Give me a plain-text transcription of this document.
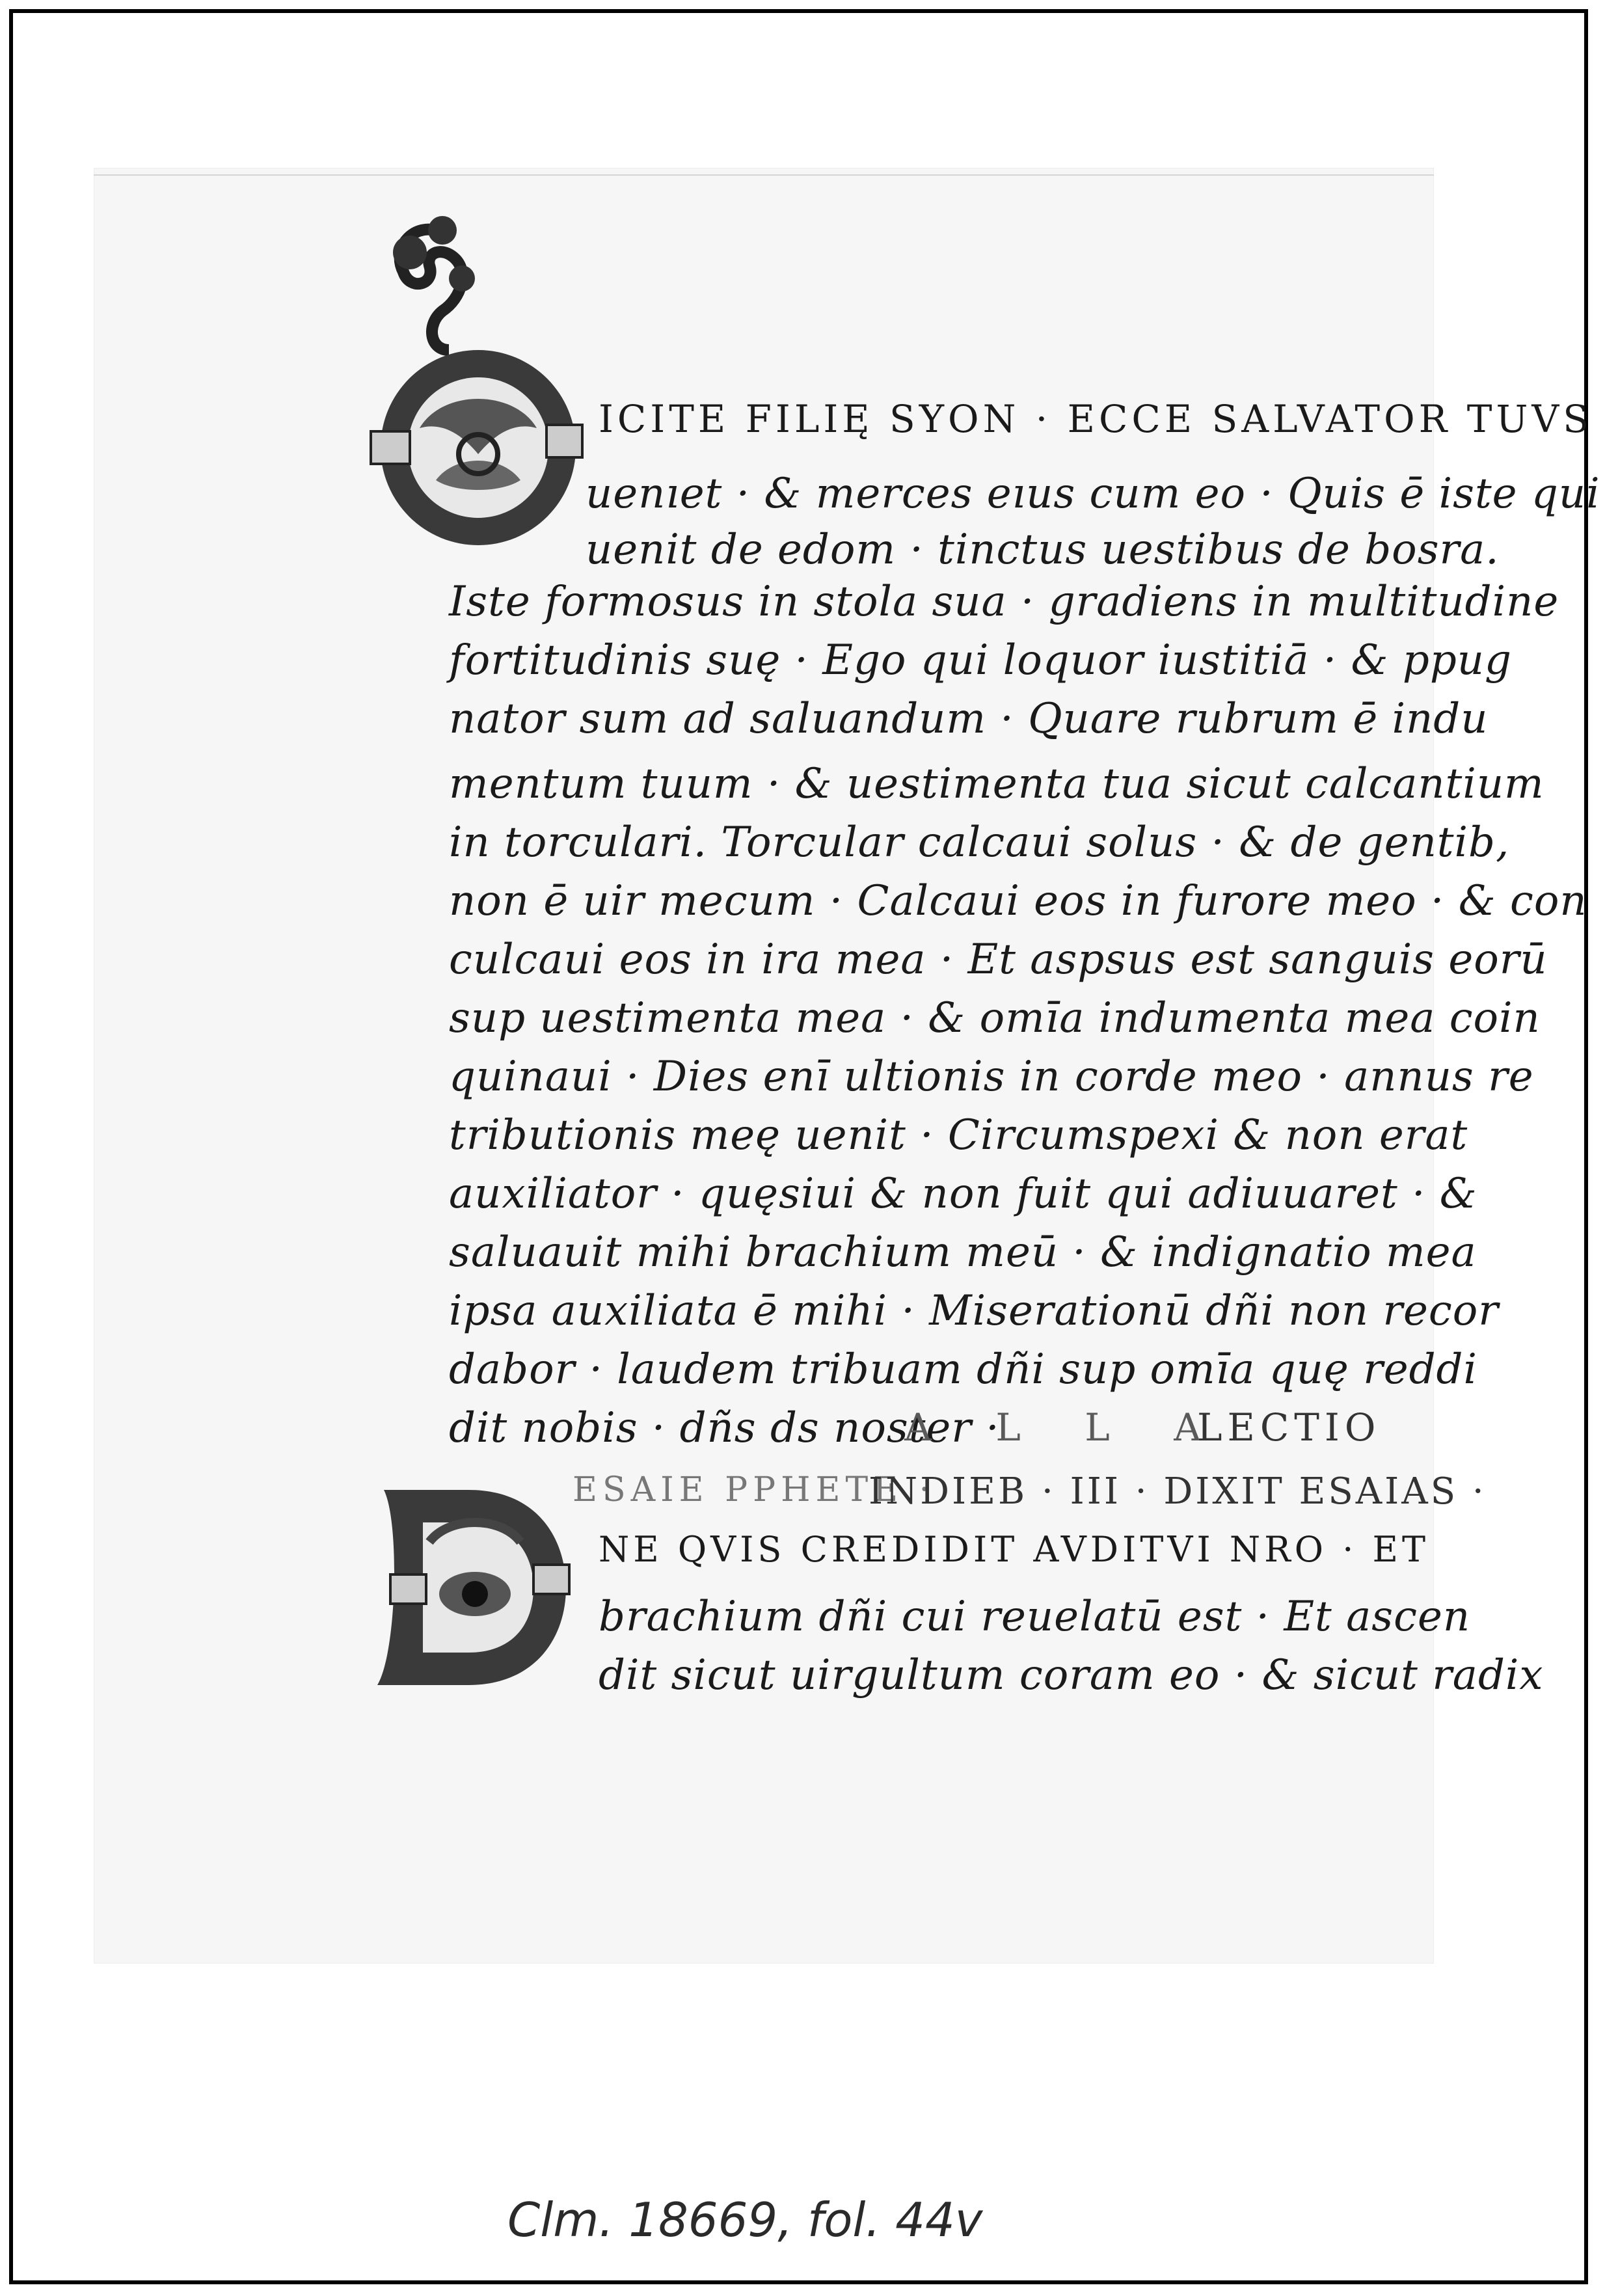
ICITE FILIĘ SYON · ECCE SALVATOR TUVS
uenıet · & merces eıus cum eo · Quis ē iste qui
uenit de edom · tinctus uestibus de bosra.
Iste formosus in stola sua · gradiens in multitudine
fortitudinis suę · Ego qui loquor iustitiā · & ppug
nator sum ad saluandum · Quare rubrum ē indu
mentum tuum · & uestimenta tua sicut calcantium
in torculari. Torcular calcaui solus · & de gentib,
non ē uir mecum · Calcaui eos in furore meo · & con
culcaui eos in ira mea · Et aspsus est sanguis eorū
sup uestimenta mea · & omīa indumenta mea coin
quinaui · Dies enī ultionis in corde meo · annus re
tributionis meę uenit · Circumspexi & non erat
auxiliator · quęsiui & non fuit qui adiuuaret · &
saluauit mihi brachium meū · & indignatio mea
ipsa auxiliata ē mihi · Miserationū dñi non recor
dabor · laudem tribuam dñi sup omīa quę reddi
dit nobis · dñs ds noster ·
A L L A
LECTIO
ESAIE PPHETE ·
INDIEB · III · DIXIT ESAIAS ·
NE QVIS CREDIDIT AVDITVI NRO · ET
brachium dñi cui reuelatū est · Et ascen
dit sicut uirgultum coram eo · & sicut radix
Clm. 18669, fol. 44v
